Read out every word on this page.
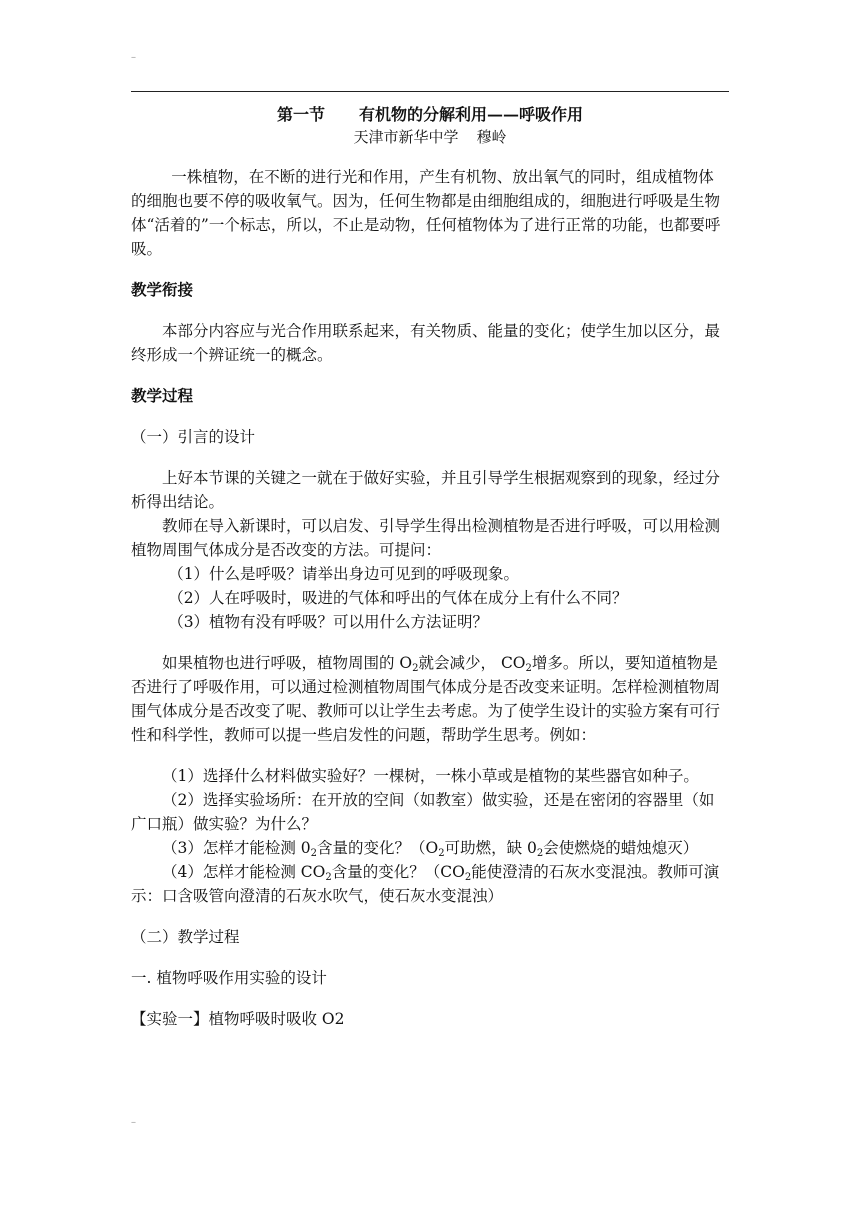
–

第一节 有机物的分解利用——呼吸作用

天津市新华中学 穆岭

一株植物，在不断的进行光和作用，产生有机物、放出氧气的同时，组成植物体的细胞也要不停的吸收氧气。因为，任何生物都是由细胞组成的，细胞进行呼吸是生物体“活着的”一个标志，所以，不止是动物，任何植物体为了进行正常的功能，也都要呼吸。

教学衔接

本部分内容应与光合作用联系起来，有关物质、能量的变化；使学生加以区分，最终形成一个辨证统一的概念。

教学过程

（一）引言的设计

上好本节课的关键之一就在于做好实验，并且引导学生根据观察到的现象，经过分析得出结论。

教师在导入新课时，可以启发、引导学生得出检测植物是否进行呼吸，可以用检测植物周围气体成分是否改变的方法。可提问：

（1）什么是呼吸？请举出身边可见到的呼吸现象。

（2）人在呼吸时，吸进的气体和呼出的气体在成分上有什么不同？

（3）植物有没有呼吸？可以用什么方法证明？

如果植物也进行呼吸，植物周围的 $O_2$就会减少， $CO_2$增多。所以，要知道植物是否进行了呼吸作用，可以通过检测植物周围气体成分是否改变来证明。怎样检测植物周围气体成分是否改变了呢、教师可以让学生去考虑。为了使学生设计的实验方案有可行性和科学性，教师可以提一些启发性的问题，帮助学生思考。例如：

（1）选择什么材料做实验好？一棵树，一株小草或是植物的某些器官如种子。

（2）选择实验场所：在开放的空间（如教室）做实验，还是在密闭的容器里（如广口瓶）做实验？为什么？

（3）怎样才能检测 $0_2$含量的变化？（$O_2$可助燃，缺 $0_2$会使燃烧的蜡烛熄灭）

（4）怎样才能检测 $CO_2$含量的变化？（$CO_2$能使澄清的石灰水变混浊。教师可演示：口含吸管向澄清的石灰水吹气，使石灰水变混浊）

（二）教学过程

一. 植物呼吸作用实验的设计

【实验一】植物呼吸时吸收 O2

–
